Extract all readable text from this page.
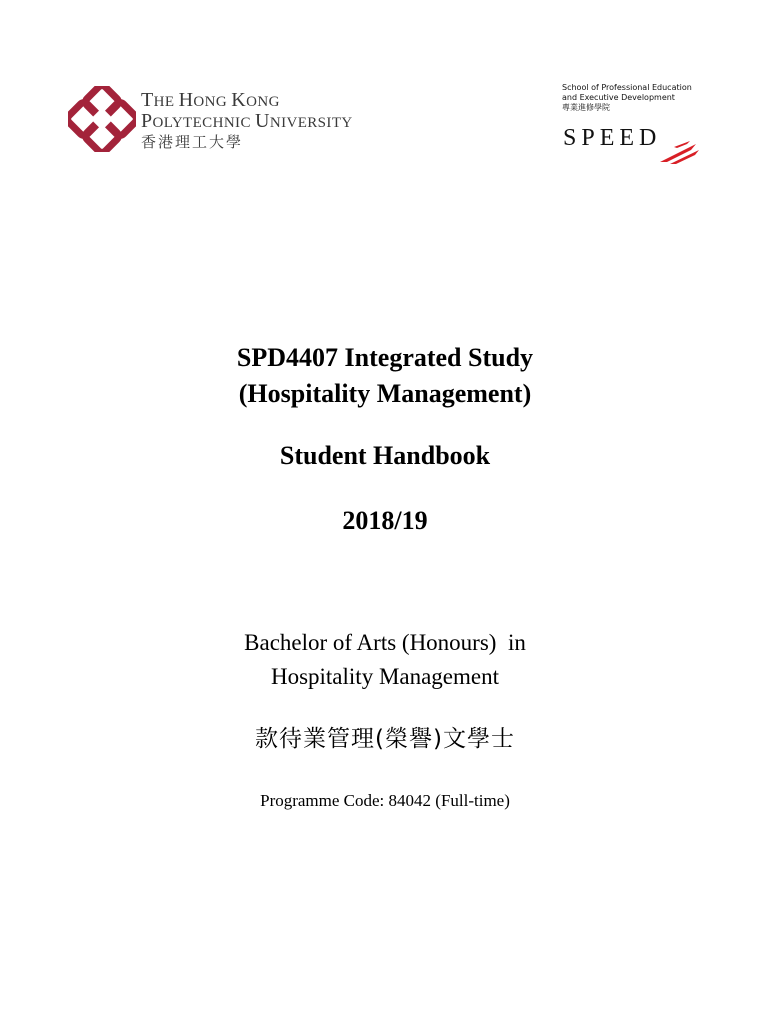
THE HONG KONG
POLYTECHNIC UNIVERSITY
香港理工大學
School of Professional Education
and Executive Development
專業進修學院
SPEED
SPD4407 Integrated Study
(Hospitality Management)
Student Handbook
2018/19
Bachelor of Arts (Honours)  in
Hospitality Management
款待業管理(榮譽)文學士
Programme Code: 84042 (Full-time)
